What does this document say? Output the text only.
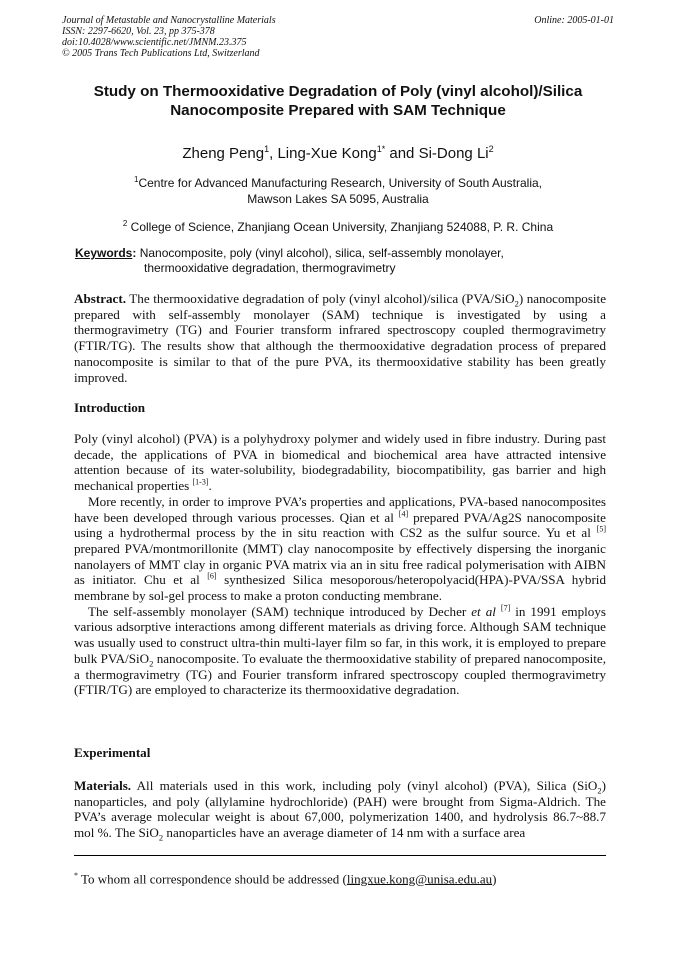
Journal of Metastable and Nanocrystalline Materials
ISSN: 2297-6620, Vol. 23, pp 375-378
doi:10.4028/www.scientific.net/JMNM.23.375
© 2005 Trans Tech Publications Ltd, Switzerland
Online: 2005-01-01
Study on Thermooxidative Degradation of Poly (vinyl alcohol)/Silica
Nanocomposite Prepared with SAM Technique
Zheng Peng$^1$, Ling-Xue Kong$^{1*}$ and Si-Dong Li$^2$
$^1$Centre for Advanced Manufacturing Research, University of South Australia,
Mawson Lakes SA 5095, Australia
$^2$ College of Science, Zhanjiang Ocean University, Zhanjiang 524088, P. R. China
Keywords: Nanocomposite, poly (vinyl alcohol), silica, self-assembly monolayer,
thermooxidative degradation, thermogravimetry

Abstract. The thermooxidative degradation of poly (vinyl alcohol)/silica (PVA/SiO$_2$) nanocomposite prepared with self-assembly monolayer (SAM) technique is investigated by using a thermogravimetry (TG) and Fourier transform infrared spectroscopy coupled thermogravimetry (FTIR/TG). The results show that although the thermooxidative degradation process of prepared nanocomposite is similar to that of the pure PVA, its thermooxidative stability has been greatly improved.

Introduction

Poly (vinyl alcohol) (PVA) is a polyhydroxy polymer and widely used in fibre industry. During past decade, the applications of PVA in biomedical and biochemical area have attracted intensive attention because of its water-solubility, biodegradability, biocompatibility, gas barrier and high mechanical properties [1-3].

More recently, in order to improve PVA’s properties and applications, PVA-based nanocomposites have been developed through various processes. Qian et al [4] prepared PVA/Ag2S nanocomposite using a hydrothermal process by the in situ reaction with CS2 as the sulfur source. Yu et al [5] prepared PVA/montmorillonite (MMT) clay nanocomposite by effectively dispersing the inorganic nanolayers of MMT clay in organic PVA matrix via an in situ free radical polymerisation with AIBN as initiator. Chu et al [6] synthesized Silica mesoporous/heteropolyacid(HPA)-PVA/SSA hybrid membrane by sol-gel process to make a proton conducting membrane.

The self-assembly monolayer (SAM) technique introduced by Decher et al [7] in 1991 employs various adsorptive interactions among different materials as driving force. Although SAM technique was usually used to construct ultra-thin multi-layer film so far, in this work, it is employed to prepare bulk PVA/SiO$_2$ nanocomposite. To evaluate the thermooxidative stability of prepared nanocomposite, a thermogravimetry (TG) and Fourier transform infrared spectroscopy coupled thermogravimetry (FTIR/TG) are employed to characterize its thermooxidative degradation.

Experimental

Materials. All materials used in this work, including poly (vinyl alcohol) (PVA), Silica (SiO$_2$) nanoparticles, and poly (allylamine hydrochloride) (PAH) were brought from Sigma-Aldrich. The PVA’s average molecular weight is about 67,000, polymerization 1400, and hydrolysis 86.7~88.7 mol %. The SiO$_2$ nanoparticles have an average diameter of 14 nm with a surface area

* To whom all correspondence should be addressed (lingxue.kong@unisa.edu.au)
